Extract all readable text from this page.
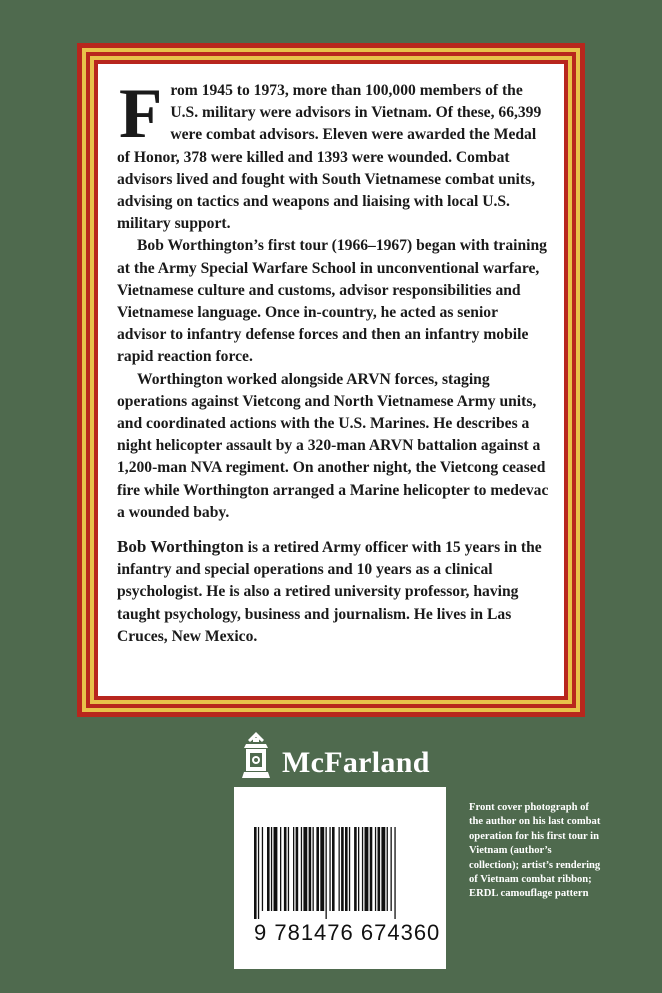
From 1945 to 1973, more than 100,000 members of the U.S. military were advisors in Vietnam. Of these, 66,399 were combat advisors. Eleven were awarded the Medal of Honor, 378 were killed and 1393 were wounded. Combat advisors lived and fought with South Vietnamese combat units, advising on tactics and weapons and liaising with local U.S. military support.

Bob Worthington’s first tour (1966–1967) began with training at the Army Special Warfare School in unconventional warfare, Vietnamese culture and customs, advisor responsibilities and Vietnamese language. Once in-country, he acted as senior advisor to infantry defense forces and then an infantry mobile rapid reaction force.

Worthington worked alongside ARVN forces, staging operations against Vietcong and North Vietnamese Army units, and coordinated actions with the U.S. Marines. He describes a night helicopter assault by a 320-man ARVN battalion against a 1,200-man NVA regiment. On another night, the Vietcong ceased fire while Worthington arranged a Marine helicopter to medevac a wounded baby.

Bob Worthington is a retired Army officer with 15 years in the infantry and special operations and 10 years as a clinical psychologist. He is also a retired university professor, having taught psychology, business and journalism. He lives in Las Cruces, New Mexico.

McFarland
9 781476 674360
Front cover photograph of the author on his last combat operation for his first tour in Vietnam (author’s collection); artist’s rendering of Vietnam combat ribbon; ERDL camouflage pattern
